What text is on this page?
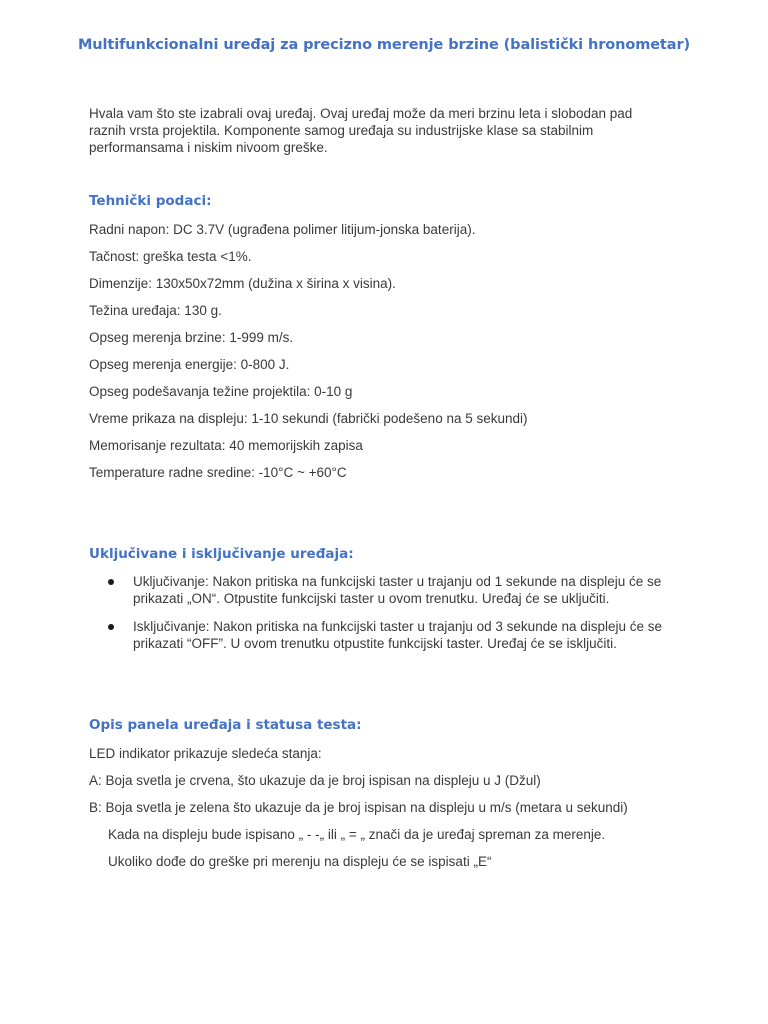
Multifunkcionalni uređaj za precizno merenje brzine (balistički hronometar)
Hvala vam što ste izabrali ovaj uređaj. Ovaj uređaj može da meri brzinu leta i slobodan pad
raznih vrsta projektila. Komponente samog uređaja su industrijske klase sa stabilnim
performansama i niskim nivoom greške.
Tehnički podaci:
Radni napon: DC 3.7V (ugrađena polimer litijum-jonska baterija).
Tačnost: greška testa <1%.
Dimenzije: 130x50x72mm (dužina x širina x visina).
Težina uređaja: 130 g.
Opseg merenja brzine: 1-999 m/s.
Opseg merenja energije: 0-800 J.
Opseg podešavanja težine projektila: 0-10 g
Vreme prikaza na displeju: 1-10 sekundi (fabrički podešeno na 5 sekundi)
Memorisanje rezultata: 40 memorijskih zapisa
Temperature radne sredine: -10°C ~ +60°C
Uključivane i isključivanje uređaja:
Uključivanje: Nakon pritiska na funkcijski taster u trajanju od 1 sekunde na displeju će se
prikazati „ON“. Otpustite funkcijski taster u ovom trenutku. Uređaj će se uključiti.
Isključivanje: Nakon pritiska na funkcijski taster u trajanju od 3 sekunde na displeju će se
prikazati “OFF”. U ovom trenutku otpustite funkcijski taster. Uređaj će se isključiti.
Opis panela uređaja i statusa testa:
LED indikator prikazuje sledeća stanja:
A: Boja svetla je crvena, što ukazuje da je broj ispisan na displeju u J (Džul)
B: Boja svetla je zelena što ukazuje da je broj ispisan na displeju u m/s (metara u sekundi)
Kada na displeju bude ispisano „ - -„ ili „ = „ znači da je uređaj spreman za merenje.
Ukoliko dođe do greške pri merenju na displeju će se ispisati „E“
